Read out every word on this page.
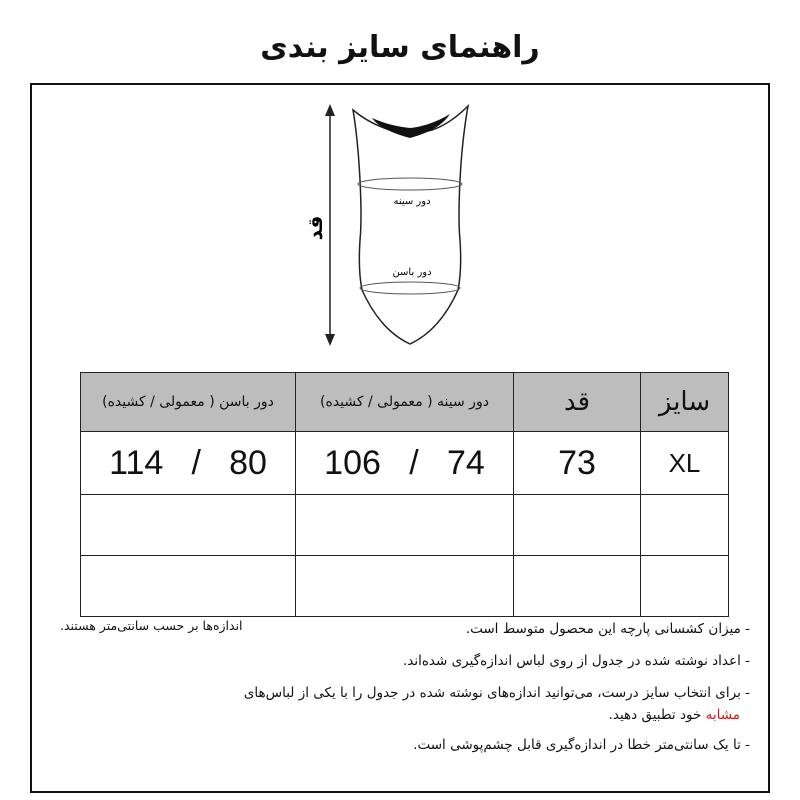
راهنمای سایز بندی
قد
دور سینه
دور باسن
دور باسن ( معمولی / کشیده)	دور سینه ( معمولی / کشیده)	قد	سایز

114 / 80	106 / 74	73	XL

اندازه‌ها بر حسب سانتی‌متر هستند.	- میزان کشسانی پارچه این محصول متوسط است.
- اعداد نوشته شده در جدول از روی لباس اندازه‌گیری شده‌اند.
- برای انتخاب سایز درست، می‌توانید اندازه‌های نوشته شده در جدول را با یکی از لباس‌های
مشابه خود تطبیق دهید.
- تا یک سانتی‌متر خطا در اندازه‌گیری قابل چشم‌پوشی است.
